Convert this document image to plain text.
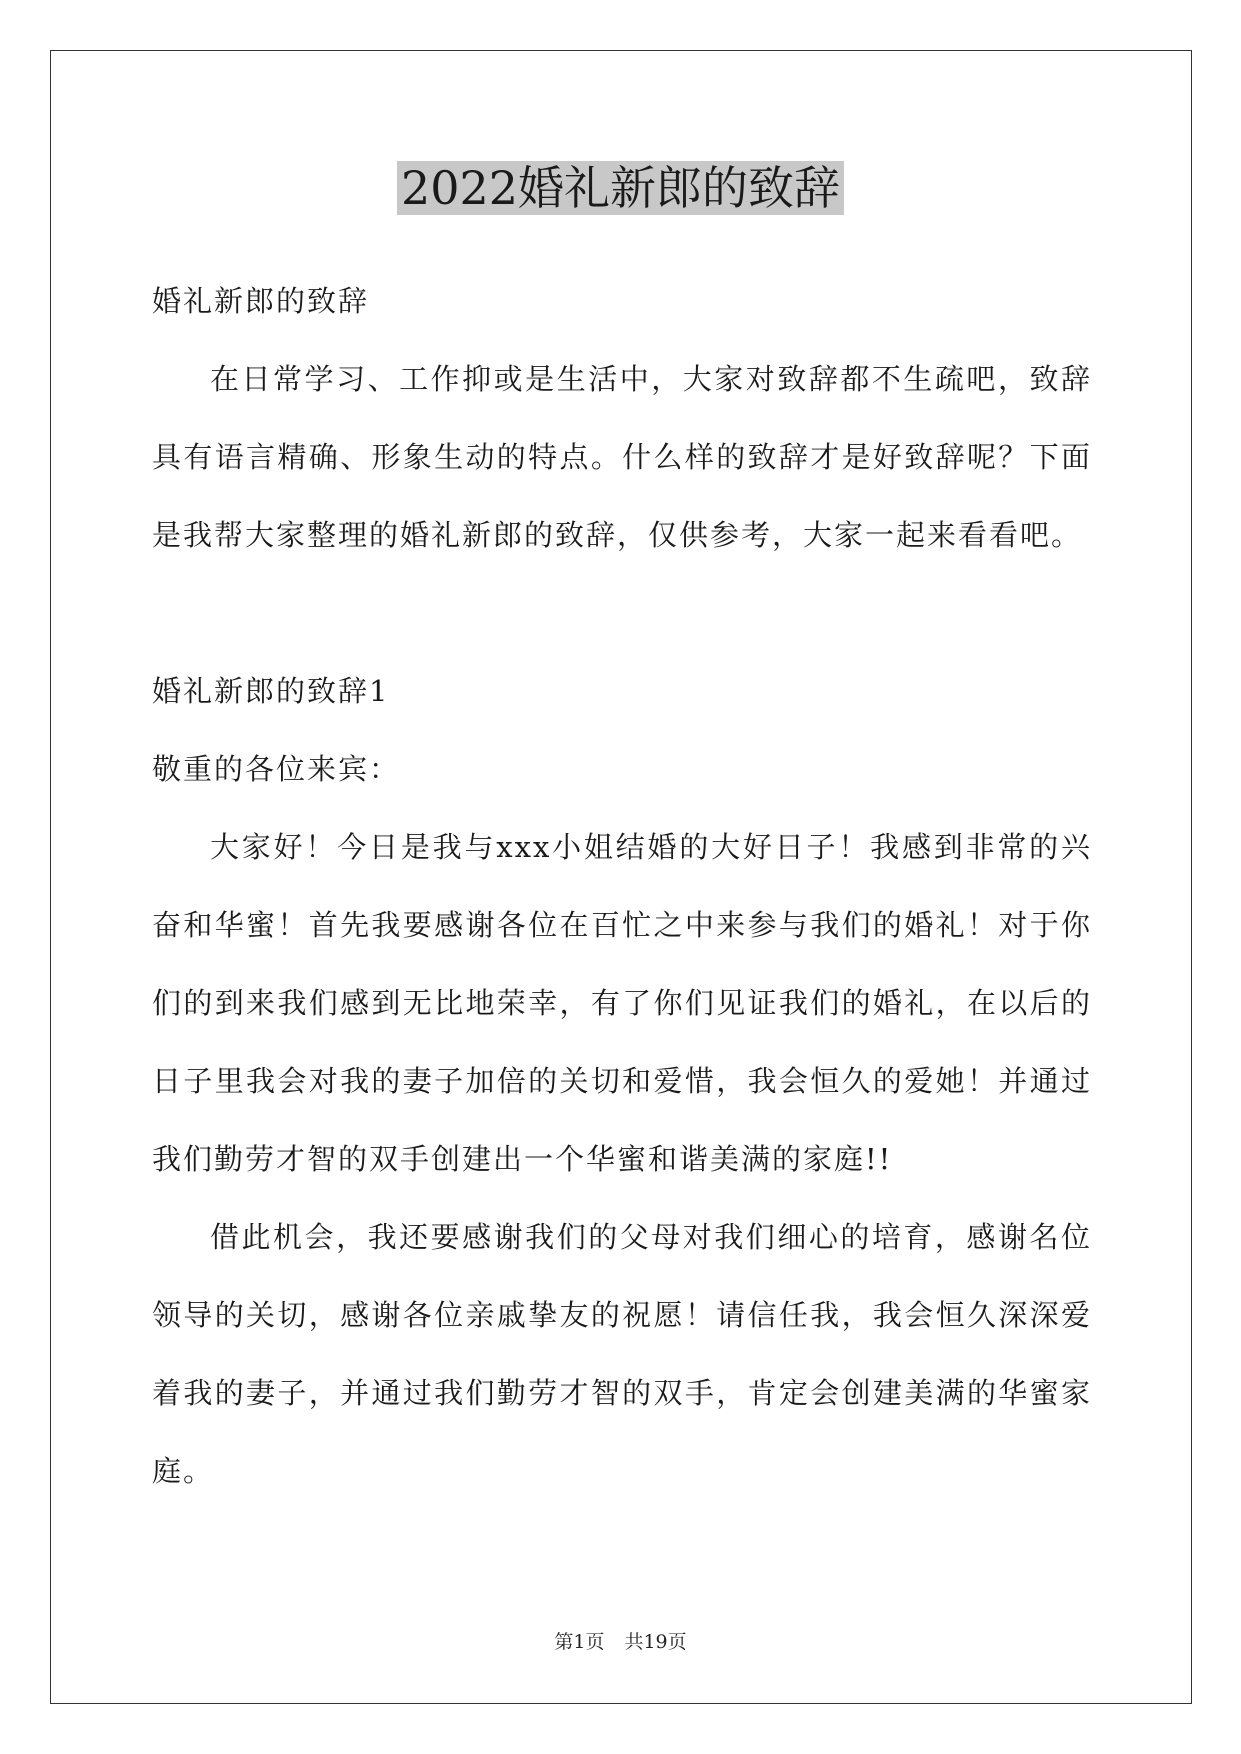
2022婚礼新郎的致辞

婚礼新郎的致辞

在日常学习、工作抑或是生活中，大家对致辞都不生疏吧，致辞具有语言精确、形象生动的特点。什么样的致辞才是好致辞呢？下面是我帮大家整理的婚礼新郎的致辞，仅供参考，大家一起来看看吧。

婚礼新郎的致辞1

敬重的各位来宾：

大家好！今日是我与xxx小姐结婚的大好日子！我感到非常的兴奋和华蜜！首先我要感谢各位在百忙之中来参与我们的婚礼！对于你们的到来我们感到无比地荣幸，有了你们见证我们的婚礼，在以后的日子里我会对我的妻子加倍的关切和爱惜，我会恒久的爱她！并通过我们勤劳才智的双手创建出一个华蜜和谐美满的家庭!!

借此机会，我还要感谢我们的父母对我们细心的培育，感谢名位领导的关切，感谢各位亲戚挚友的祝愿！请信任我，我会恒久深深爱着我的妻子，并通过我们勤劳才智的双手，肯定会创建美满的华蜜家庭。

第1页 共19页
